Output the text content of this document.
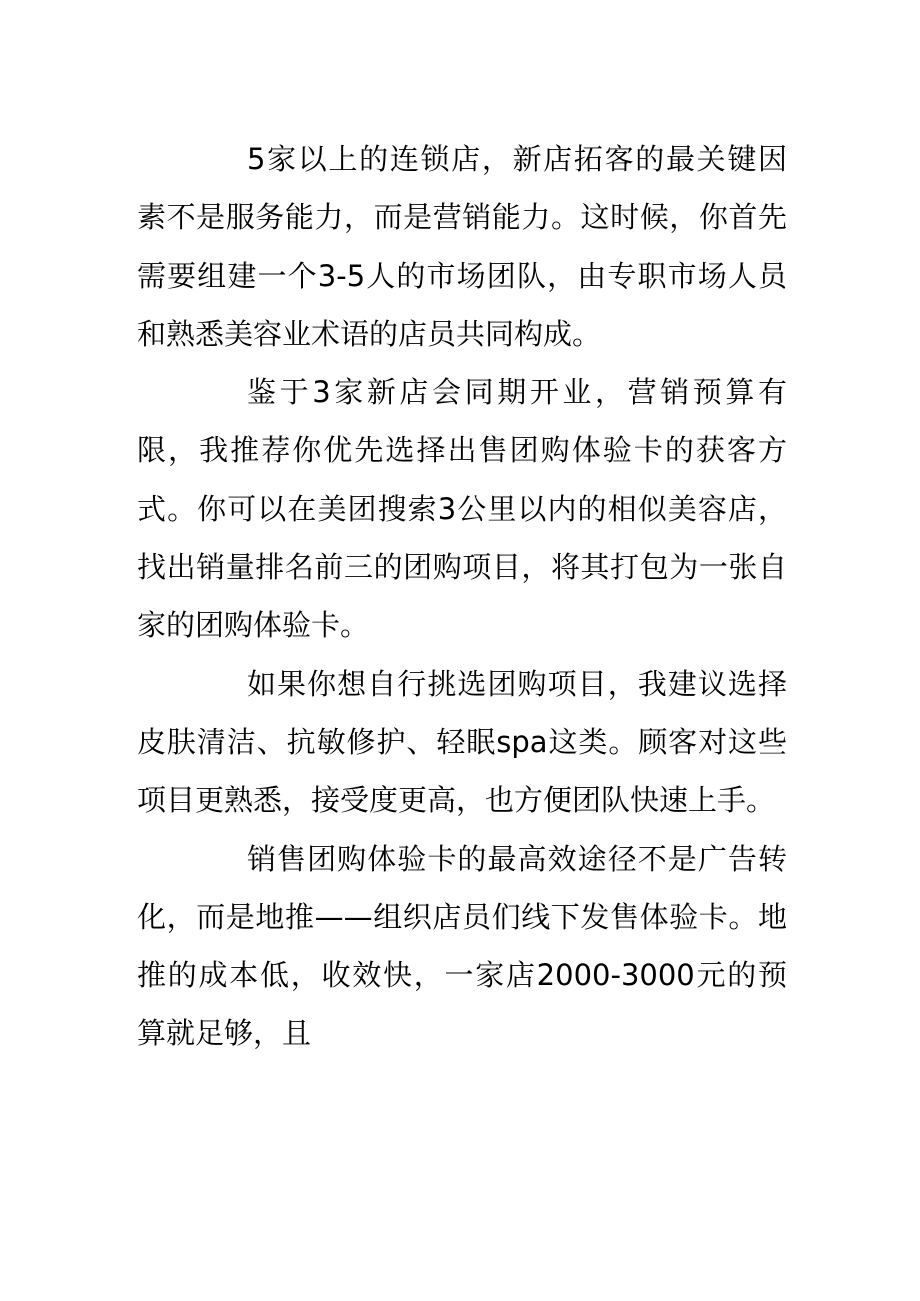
5家以上的连锁店，新店拓客的最关键因素不是服务能力，而是营销能力。这时候，你首先需要组建一个3-5人的市场团队，由专职市场人员和熟悉美容业术语的店员共同构成。

鉴于3家新店会同期开业，营销预算有限，我推荐你优先选择出售团购体验卡的获客方式。你可以在美团搜索3公里以内的相似美容店，找出销量排名前三的团购项目，将其打包为一张自家的团购体验卡。

如果你想自行挑选团购项目，我建议选择皮肤清洁、抗敏修护、轻眠spa这类。顾客对这些项目更熟悉，接受度更高，也方便团队快速上手。

销售团购体验卡的最高效途径不是广告转化，而是地推——组织店员们线下发售体验卡。地推的成本低，收效快，一家店2000-3000元的预算就足够，且
